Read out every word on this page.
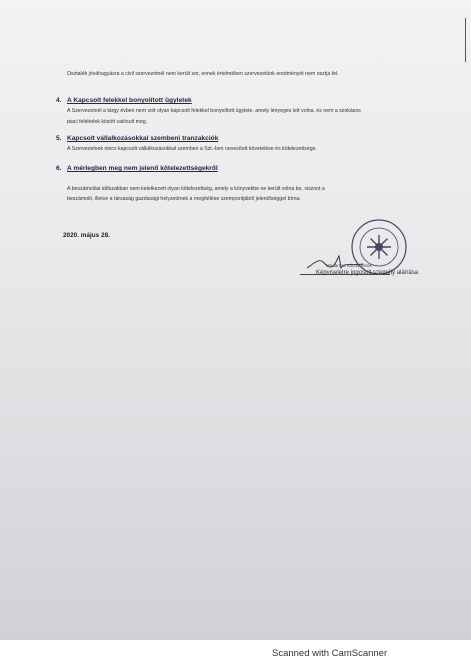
Osztalék jóváhagyásra a civil szervezetnél nem került sor, ennek értelmében szervezetünk eredményét nem osztja fel.
4. A Kapcsolt felekkel bonyolított ügyletek
A Szervezetnél a tárgy évben nem volt olyan kapcsolt felekkel bonyolított ügylete, amely lényeges lett volna, és nem a szokásos
piaci feltételek között valósult meg.
5. Kapcsolt vállalkozásokkal szembeni tranzakciók
A Szervezetnek nincs kapcsolt vállalkozásokkal szemben a Szt.-ben nevesített követelése és kötelezettsége.
6. A mérlegben meg nem jelenő kötelezettségekről
A beszámolási időszakban nem keletkezett olyan kötelezettség, amely a könyvekbe ne került volna be, viszont a
beszámoló, illetve a társaság gazdasági helyzetének a megítélése szempontjából jelentőséggel bírna.
2020. május 28.
Madarász Károly elnök
Képviseletre jogosult személy aláírása
Scanned with CamScanner
